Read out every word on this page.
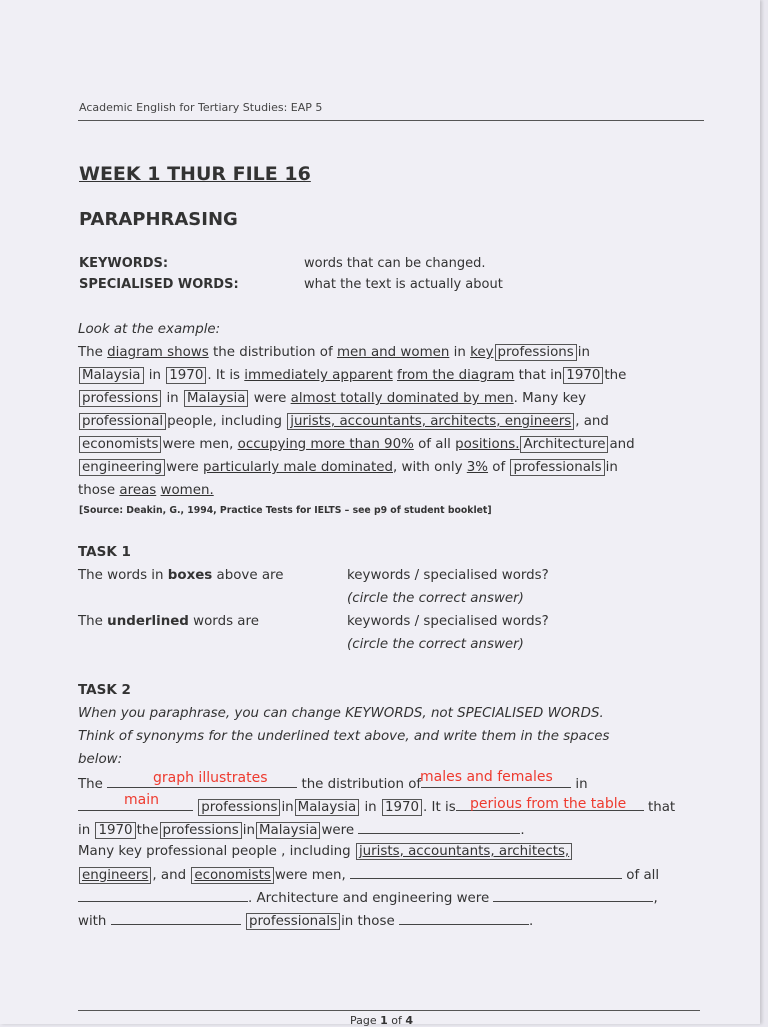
Academic English for Tertiary Studies: EAP 5
WEEK 1 THUR FILE 16
PARAPHRASING
KEYWORDS:	words that can be changed.
SPECIALISED WORDS:	what the text is actually about
Look at the example:
The diagram shows the distribution of men and women in key professions in
Malaysia in 1970 . It is immediately apparent from the diagram that in 1970 the
professions in Malaysia were almost totally dominated by men. Many key
professional people, including jurists, accountants, architects, engineers , and
economists were men, occupying more than 90% of all positions. Architecture and
engineering were particularly male dominated, with only 3% of professionals in
those areas women.
[Source: Deakin, G., 1994, Practice Tests for IELTS – see p9 of student booklet]
TASK 1
The words in boxes above are	keywords / specialised words?
(circle the correct answer)
The underlined words are	keywords / specialised words?
(circle the correct answer)
TASK 2
When you paraphrase, you can change KEYWORDS, not SPECIALISED WORDS.
Think of synonyms for the underlined text above, and write them in the spaces
below:
The	the distribution of	in
graph illustrates	males and females
professions in Malaysia in 1970 . It is	that
main	perious from the table
in 1970 the professions in Malaysia were	.
Many key professional people , including jurists, accountants, architects,
engineers , and economists were men,	of all
. Architecture and engineering were	,
with	professionals in those	.
Page 1 of 4
